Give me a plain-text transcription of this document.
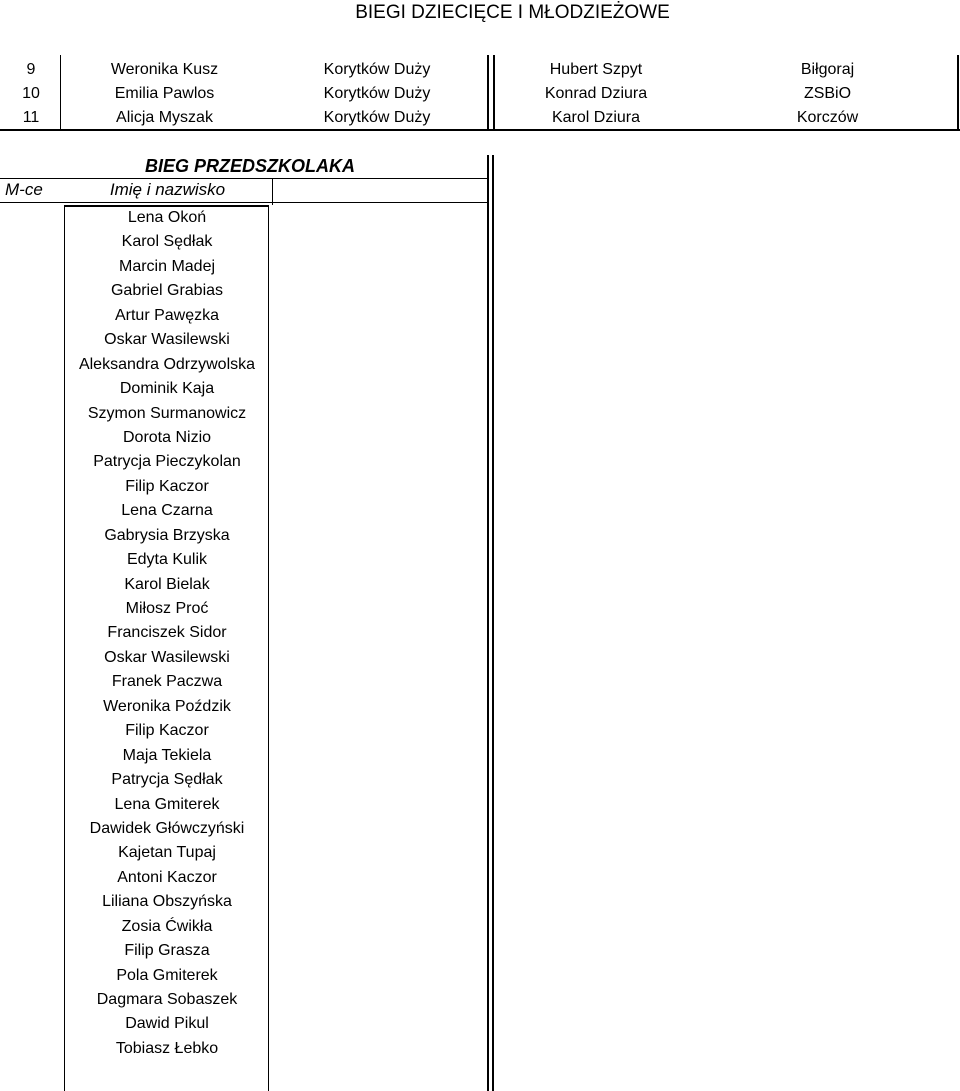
BIEGI DZIECIĘCE I MŁODZIEŻOWE
9	Weronika Kusz	Korytków Duży	Hubert Szpyt	Biłgoraj
10	Emilia Pawlos	Korytków Duży	Konrad Dziura	ZSBiO
11	Alicja Myszak	Korytków Duży	Karol Dziura	Korczów
BIEG PRZEDSZKOLAKA
M-ce	Imię i nazwisko
Lena Okoń
Karol Sędłak
Marcin Madej
Gabriel Grabias
Artur Pawęzka
Oskar Wasilewski
Aleksandra Odrzywolska
Dominik Kaja
Szymon Surmanowicz
Dorota Nizio
Patrycja Pieczykolan
Filip Kaczor
Lena Czarna
Gabrysia Brzyska
Edyta Kulik
Karol Bielak
Miłosz Proć
Franciszek Sidor
Oskar Wasilewski
Franek Paczwa
Weronika Poździk
Filip Kaczor
Maja Tekiela
Patrycja Sędłak
Lena Gmiterek
Dawidek Główczyński
Kajetan Tupaj
Antoni Kaczor
Liliana Obszyńska
Zosia Ćwikła
Filip Grasza
Pola Gmiterek
Dagmara Sobaszek
Dawid Pikul
Tobiasz Łebko
